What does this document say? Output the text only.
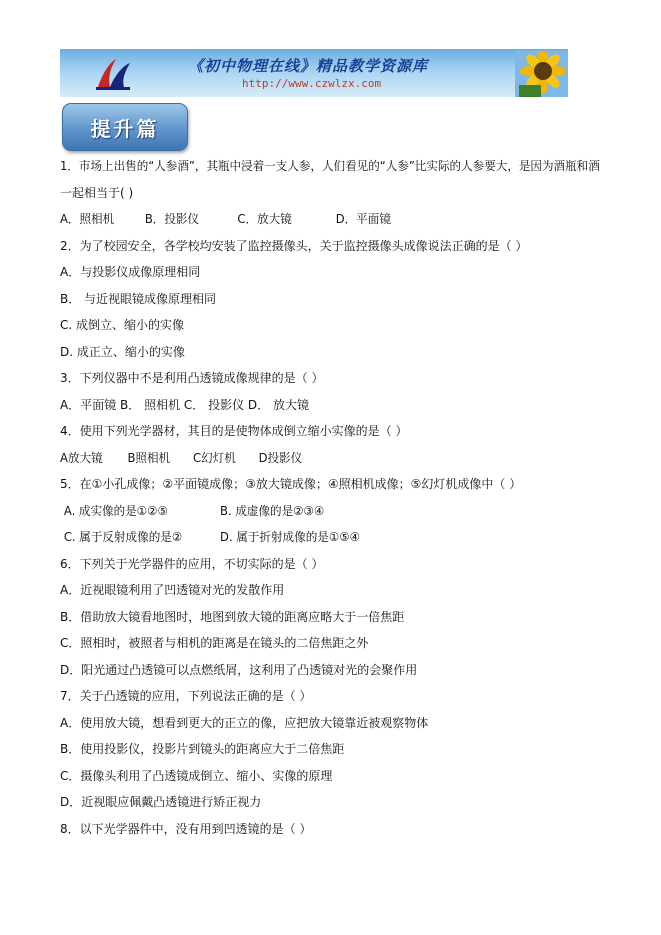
《初中物理在线》精品教学资源库
http://www.czwlzx.com
提升篇
1．市场上出售的“人参酒”，其瓶中浸着一支人参，人们看见的“人参”比实际的人参要大，是因为酒瓶和酒
一起相当于( )
A．照相机	B．投影仪	C．放大镜	D．平面镜
2．为了校园安全，各学校均安装了监控摄像头，关于监控摄像头成像说法正确的是（ ）
A．与投影仪成像原理相同
B． 与近视眼镜成像原理相同
C. 成倒立、缩小的实像
D. 成正立、缩小的实像
3．下列仪器中不是利用凸透镜成像规律的是（ ）
A．平面镜 B． 照相机 C． 投影仪 D． 放大镜
4．使用下列光学器材，其目的是使物体成倒立缩小实像的是（ ）
A放大镜 B照相机 C幻灯机 D投影仪
5．在①小孔成像；②平面镜成像；③放大镜成像；④照相机成像；⑤幻灯机成像中（ ）
A. 成实像的是①②⑤	B. 成虚像的是②③④
C. 属于反射成像的是②	D. 属于折射成像的是①⑤④
6．下列关于光学器件的应用，不切实际的是（ ）
A．近视眼镜利用了凹透镜对光的发散作用
B．借助放大镜看地图时，地图到放大镜的距离应略大于一倍焦距
C．照相时，被照者与相机的距离是在镜头的二倍焦距之外
D．阳光通过凸透镜可以点燃纸屑，这利用了凸透镜对光的会聚作用
7．关于凸透镜的应用，下列说法正确的是（ ）
A．使用放大镜，想看到更大的正立的像，应把放大镜靠近被观察物体
B．使用投影仪，投影片到镜头的距离应大于二倍焦距
C．摄像头利用了凸透镜成倒立、缩小、实像的原理
D．近视眼应佩戴凸透镜进行矫正视力
8．以下光学器件中，没有用到凹透镜的是（ ）
